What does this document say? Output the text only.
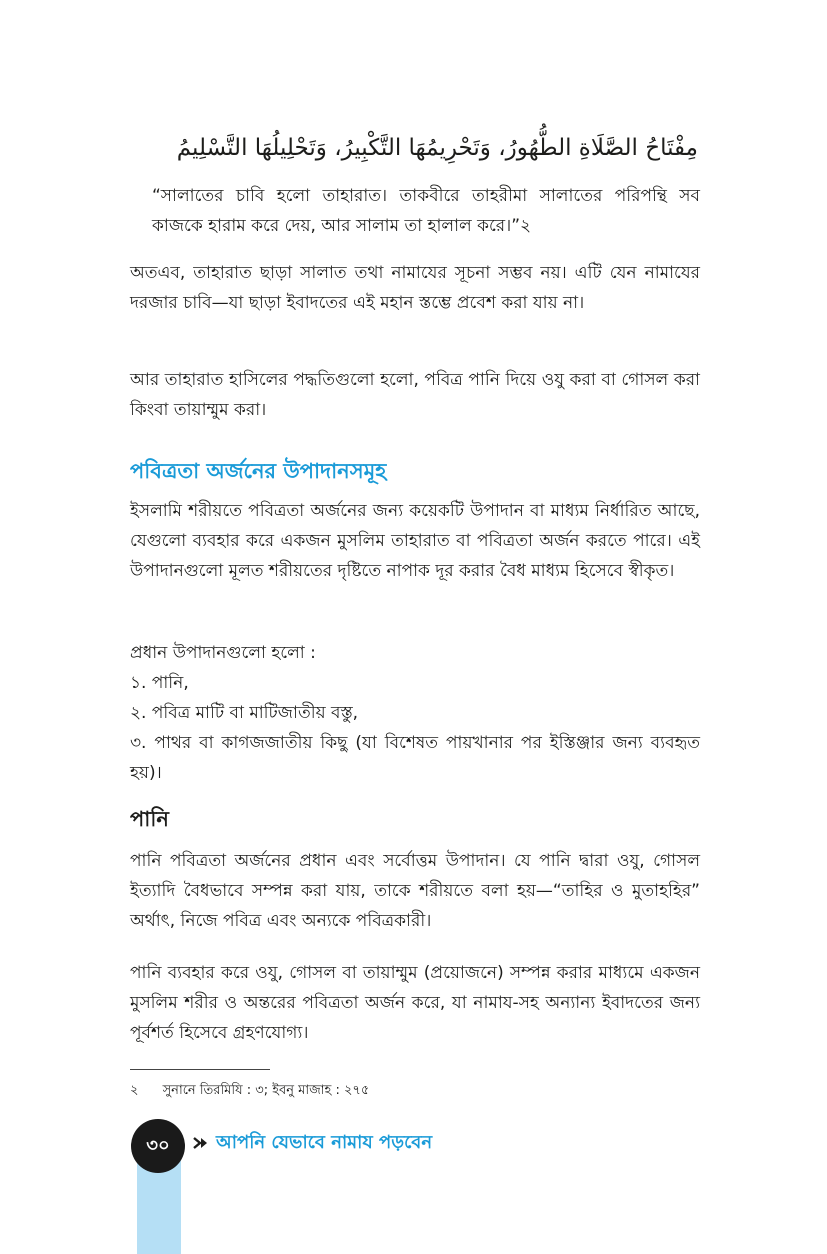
مِفْتَاحُ الصَّلَاةِ الطُّهُورُ، وَتَحْرِيمُهَا التَّكْبِيرُ، وَتَحْلِيلُهَا التَّسْلِيمُ
“সালাতের চাবি হলো তাহারাত। তাকবীরে তাহরীমা সালাতের পরিপন্থি সব কাজকে হারাম করে দেয়, আর সালাম তা হালাল করে।”২
অতএব, তাহারাত ছাড়া সালাত তথা নামাযের সূচনা সম্ভব নয়। এটি যেন নামাযের দরজার চাবি—যা ছাড়া ইবাদতের এই মহান স্তম্ভে প্রবেশ করা যায় না।
আর তাহারাত হাসিলের পদ্ধতিগুলো হলো, পবিত্র পানি দিয়ে ওযু করা বা গোসল করা কিংবা তায়াম্মুম করা।
পবিত্রতা অর্জনের উপাদানসমূহ
ইসলামি শরীয়তে পবিত্রতা অর্জনের জন্য কয়েকটি উপাদান বা মাধ্যম নির্ধারিত আছে, যেগুলো ব্যবহার করে একজন মুসলিম তাহারাত বা পবিত্রতা অর্জন করতে পারে। এই উপাদানগুলো মূলত শরীয়তের দৃষ্টিতে নাপাক দূর করার বৈধ মাধ্যম হিসেবে স্বীকৃত।
প্রধান উপাদানগুলো হলো :
১. পানি,
২. পবিত্র মাটি বা মাটিজাতীয় বস্তু,
৩. পাথর বা কাগজজাতীয় কিছু (যা বিশেষত পায়খানার পর ইস্তিঞ্জার জন্য ব্যবহৃত হয়)।
পানি
পানি পবিত্রতা অর্জনের প্রধান এবং সর্বোত্তম উপাদান। যে পানি দ্বারা ওযু, গোসল ইত্যাদি বৈধভাবে সম্পন্ন করা যায়, তাকে শরীয়তে বলা হয়—“তাহির ও মুতাহহির” অর্থাৎ, নিজে পবিত্র এবং অন্যকে পবিত্রকারী।
পানি ব্যবহার করে ওযু, গোসল বা তায়াম্মুম (প্রয়োজনে) সম্পন্ন করার মাধ্যমে একজন মুসলিম শরীর ও অন্তরের পবিত্রতা অর্জন করে, যা নামায-সহ অন্যান্য ইবাদতের জন্য পূর্বশর্ত হিসেবে গ্রহণযোগ্য।
২ সুনানে তিরমিযি : ৩; ইবনু মাজাহ : ২৭৫
৩০	আপনি যেভাবে নামায পড়বেন
